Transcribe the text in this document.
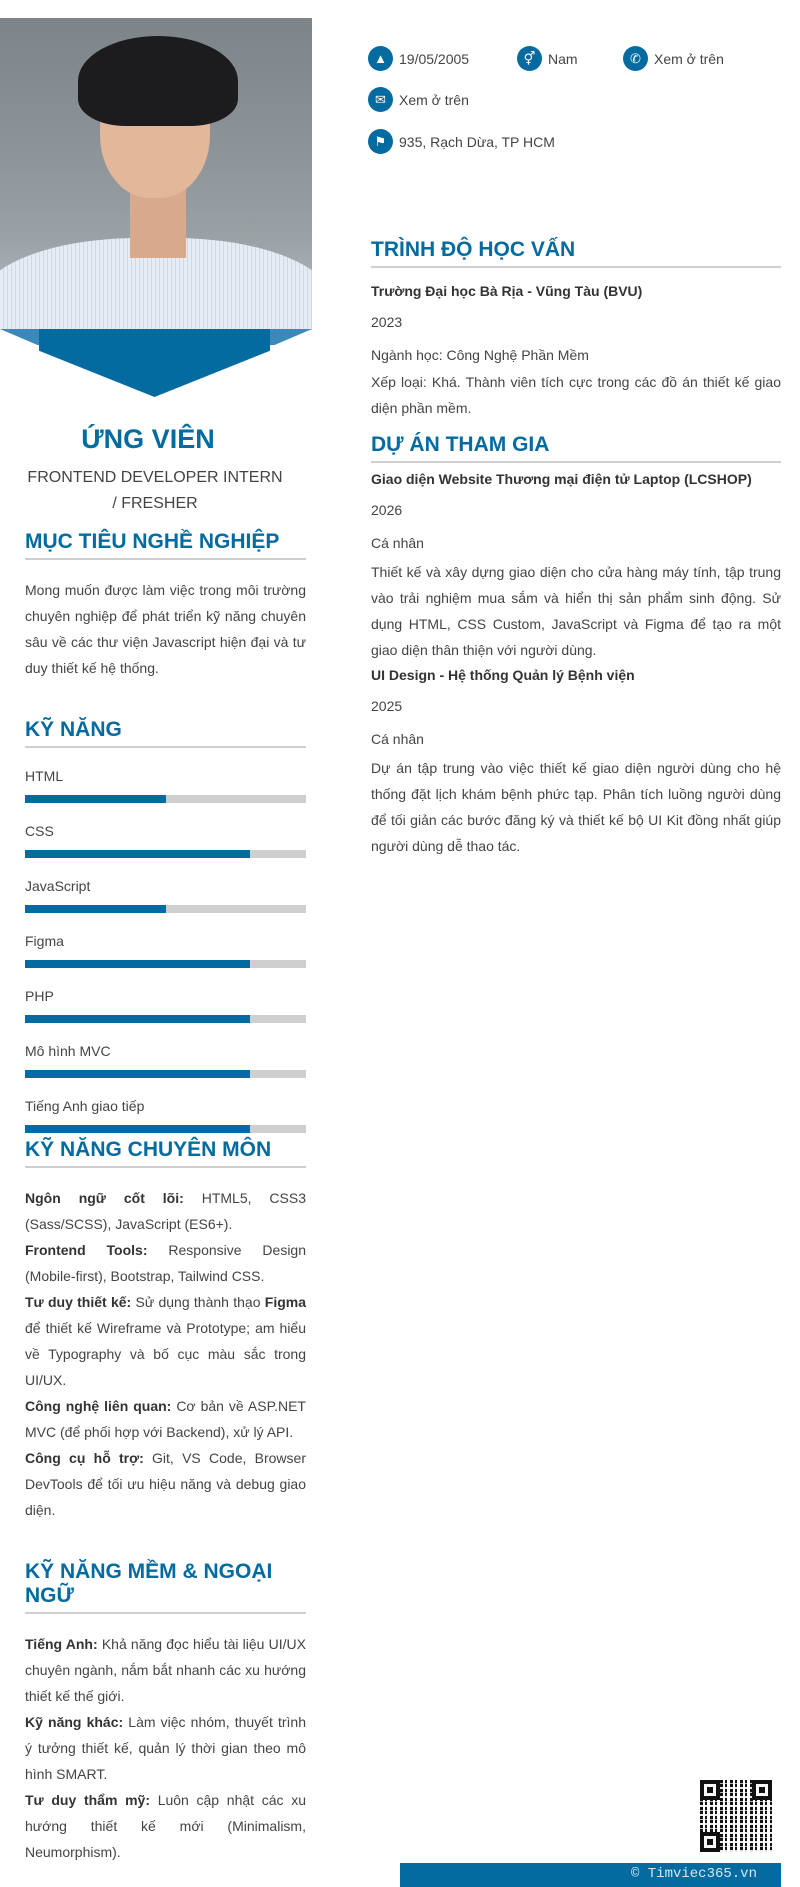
ỨNG VIÊN
FRONTEND DEVELOPER INTERN / FRESHER
MỤC TIÊU NGHỀ NGHIỆP
Mong muốn được làm việc trong môi trường chuyên nghiệp để phát triển kỹ năng chuyên sâu về các thư viện Javascript hiện đại và tư duy thiết kế hệ thống.
KỸ NĂNG
HTML
CSS
JavaScript
Figma
PHP
Mô hình MVC
Tiếng Anh giao tiếp
KỸ NĂNG CHUYÊN MÔN
Ngôn ngữ cốt lõi: HTML5, CSS3 (Sass/SCSS), JavaScript (ES6+).
Frontend Tools: Responsive Design (Mobile-first), Bootstrap, Tailwind CSS.
Tư duy thiết kế: Sử dụng thành thạo Figma để thiết kế Wireframe và Prototype; am hiểu về Typography và bố cục màu sắc trong UI/UX.
Công nghệ liên quan: Cơ bản về ASP.NET MVC (để phối hợp với Backend), xử lý API.
Công cụ hỗ trợ: Git, VS Code, Browser DevTools để tối ưu hiệu năng và debug giao diện.
KỸ NĂNG MỀM & NGOẠI NGỮ
Tiếng Anh: Khả năng đọc hiểu tài liệu UI/UX chuyên ngành, nắm bắt nhanh các xu hướng thiết kế thế giới.
Kỹ năng khác: Làm việc nhóm, thuyết trình ý tưởng thiết kế, quản lý thời gian theo mô hình SMART.
Tư duy thẩm mỹ: Luôn cập nhật các xu hướng thiết kế mới (Minimalism, Neumorphism).
▲ 19/05/2005	⚥ Nam	✆ Xem ở trên
✉ Xem ở trên
⚑ 935, Rạch Dừa, TP HCM
TRÌNH ĐỘ HỌC VẤN
Trường Đại học Bà Rịa - Vũng Tàu (BVU)
2023
Ngành học: Công Nghệ Phần Mềm
Xếp loại: Khá. Thành viên tích cực trong các đồ án thiết kế giao diện phần mềm.
DỰ ÁN THAM GIA
Giao diện Website Thương mại điện tử Laptop (LCSHOP)
2026
Cá nhân
Thiết kế và xây dựng giao diện cho cửa hàng máy tính, tập trung vào trải nghiệm mua sắm và hiển thị sản phẩm sinh động. Sử dụng HTML, CSS Custom, JavaScript và Figma để tạo ra một giao diện thân thiện với người dùng.
UI Design - Hệ thống Quản lý Bệnh viện
2025
Cá nhân
Dự án tập trung vào việc thiết kế giao diện người dùng cho hệ thống đặt lịch khám bệnh phức tạp. Phân tích luồng người dùng để tối giản các bước đăng ký và thiết kế bộ UI Kit đồng nhất giúp người dùng dễ thao tác.
© Timviec365.vn
